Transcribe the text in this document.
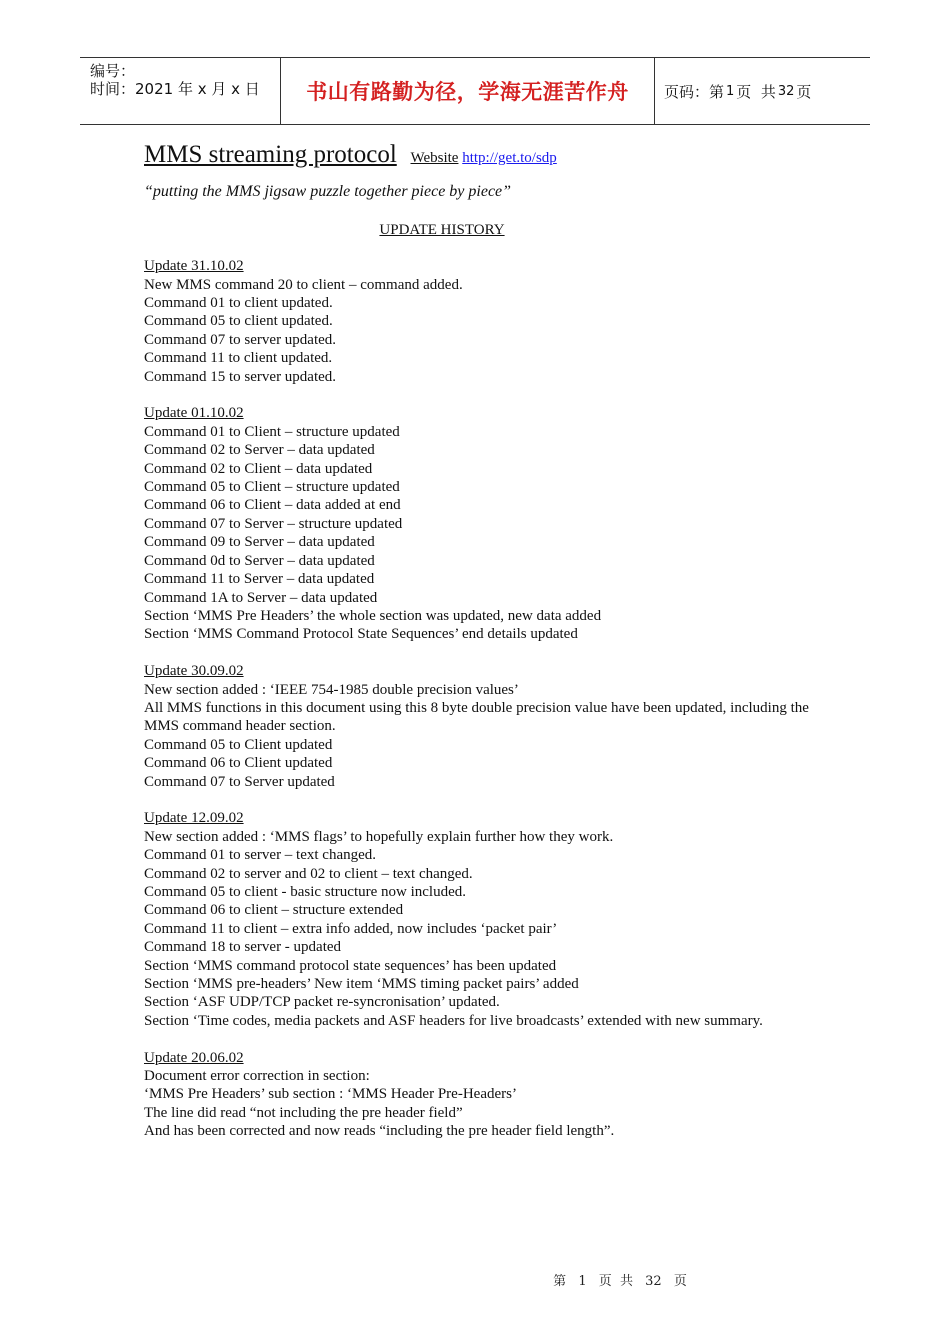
编号：
时间：2021 年 x 月 x 日	书山有路勤为径，学海无涯苦作舟	页码：第 1 页  共 32 页
MMS streaming protocol Website http://get.to/sdp
“putting the MMS jigsaw puzzle together piece by piece”
UPDATE HISTORY
Update 31.10.02
New MMS command 20 to client – command added.
Command 01 to client updated.
Command 05 to client updated.
Command 07 to server updated.
Command 11 to client updated.
Command 15 to server updated.
Update 01.10.02
Command 01 to Client – structure updated
Command 02 to Server – data updated
Command 02 to Client – data updated
Command 05 to Client – structure updated
Command 06 to Client – data added at end
Command 07 to Server – structure updated
Command 09 to Server – data updated
Command 0d to Server – data updated
Command 11 to Server – data updated
Command 1A to Server – data updated
Section ‘MMS Pre Headers’ the whole section was updated, new data added
Section ‘MMS Command Protocol State Sequences’ end details updated
Update 30.09.02
New section added : ‘IEEE 754-1985 double precision values’
All MMS functions in this document using this 8 byte double precision value have been updated, including the MMS command header section.
Command 05 to Client updated
Command 06 to Client updated
Command 07 to Server updated
Update 12.09.02
New section added : ‘MMS flags’ to hopefully explain further how they work.
Command 01 to server – text changed.
Command 02 to server and 02 to client – text changed.
Command 05 to client - basic structure now included.
Command 06 to client – structure extended
Command 11 to client – extra info added, now includes ‘packet pair’
Command 18 to server - updated
Section ‘MMS command protocol state sequences’ has been updated
Section ‘MMS pre-headers’ New item ‘MMS timing packet pairs’ added
Section ‘ASF UDP/TCP packet re-syncronisation’ updated.
Section ‘Time codes, media packets and ASF headers for live broadcasts’ extended with new summary.
Update 20.06.02
Document error correction in section:
‘MMS Pre Headers’ sub section : ‘MMS Header Pre-Headers’
The line did read “not including the pre header field”
And has been corrected and now reads “including the pre header field length”.
第 1 页  共 32 页
